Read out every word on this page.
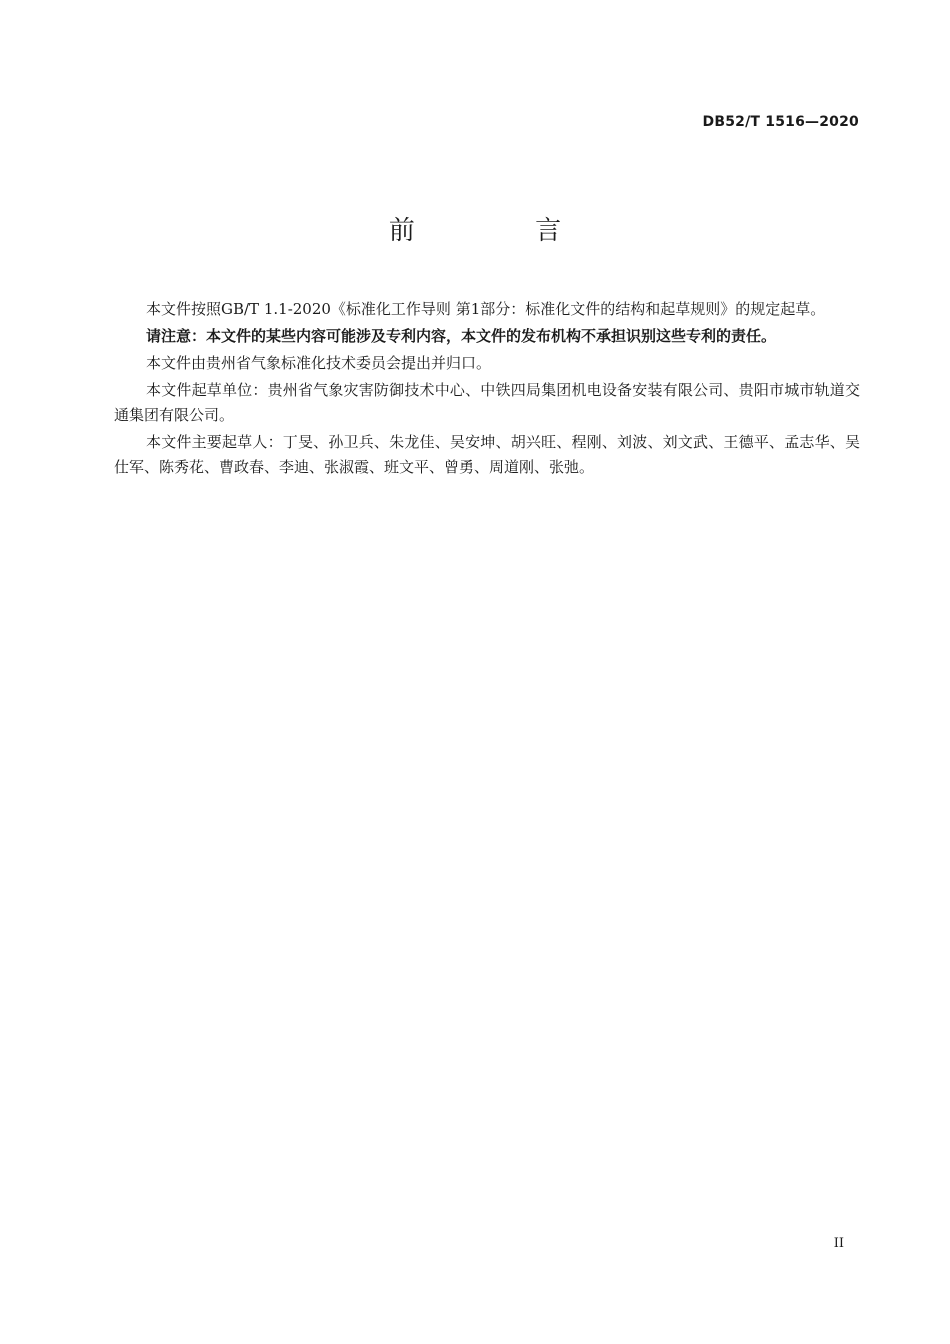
DB52/T 1516—2020
前 言

本文件按照GB/T 1.1-2020《标准化工作导则 第1部分：标准化文件的结构和起草规则》的规定起草。

请注意：本文件的某些内容可能涉及专利内容，本文件的发布机构不承担识别这些专利的责任。

本文件由贵州省气象标准化技术委员会提出并归口。

本文件起草单位：贵州省气象灾害防御技术中心、中铁四局集团机电设备安装有限公司、贵阳市城市轨道交通集团有限公司。

本文件主要起草人：丁旻、孙卫兵、朱龙佳、吴安坤、胡兴旺、程刚、刘波、刘文武、王德平、孟志华、吴仕军、陈秀花、曹政春、李迪、张淑霞、班文平、曾勇、周道刚、张弛。

II
